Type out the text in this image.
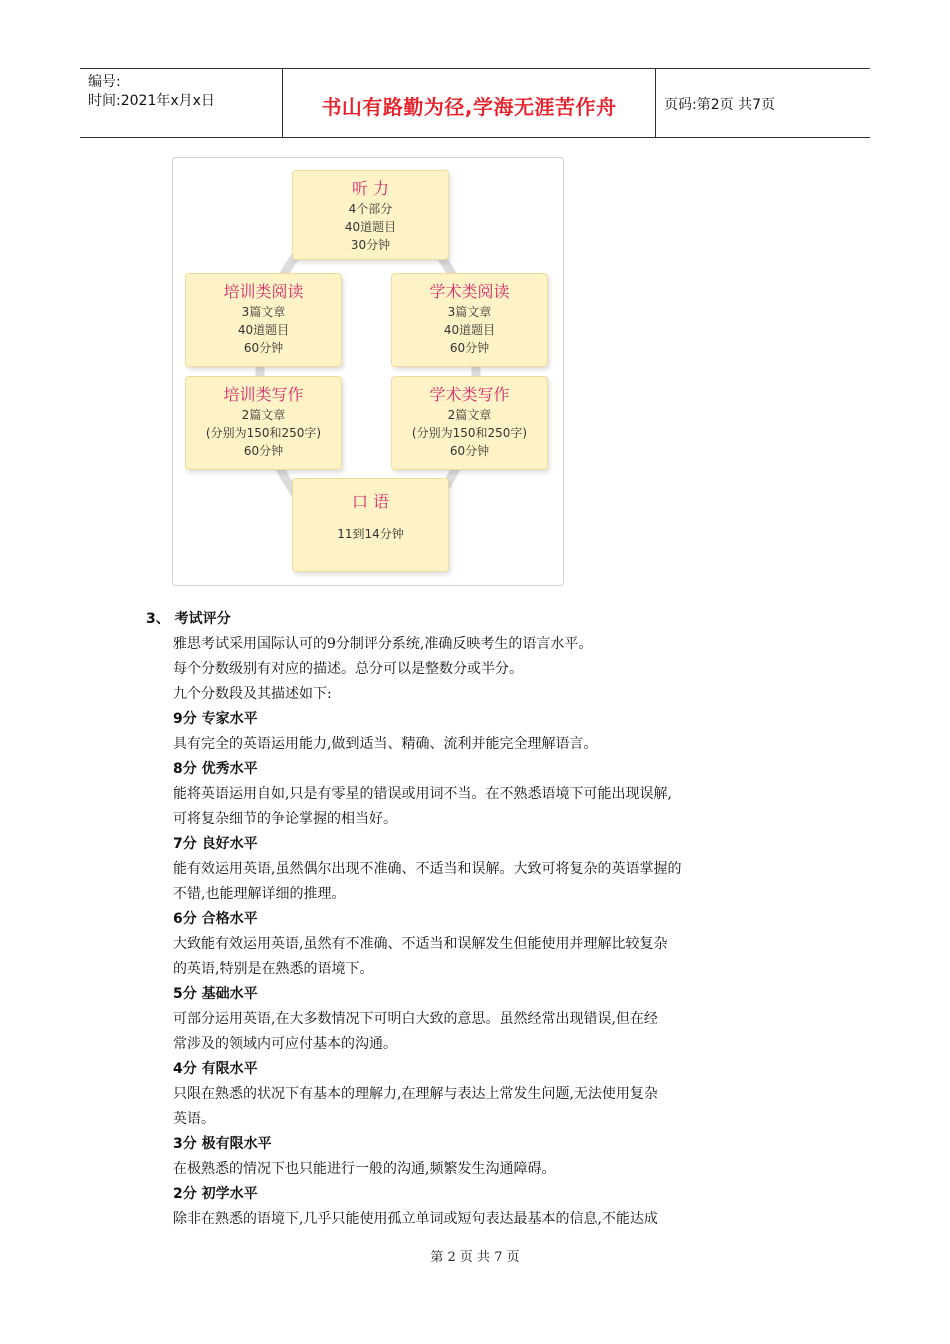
编号:
时间:2021年x月x日	书山有路勤为径,学海无涯苦作舟	页码:第2页 共7页
听 力
4个部分
40道题目
30分钟
培训类阅读
3篇文章
40道题目
60分钟
学术类阅读
3篇文章
40道题目
60分钟
培训类写作
2篇文章
(分别为150和250字)
60分钟
学术类写作
2篇文章
(分别为150和250字)
60分钟
口 语
11到14分钟
3、 考试评分
雅思考试采用国际认可的9分制评分系统,准确反映考生的语言水平。
每个分数级别有对应的描述。总分可以是整数分或半分。
九个分数段及其描述如下:
9分 专家水平
具有完全的英语运用能力,做到适当、精确、流利并能完全理解语言。
8分 优秀水平
能将英语运用自如,只是有零星的错误或用词不当。在不熟悉语境下可能出现误解,
可将复杂细节的争论掌握的相当好。
7分 良好水平
能有效运用英语,虽然偶尔出现不准确、不适当和误解。大致可将复杂的英语掌握的
不错,也能理解详细的推理。
6分 合格水平
大致能有效运用英语,虽然有不准确、不适当和误解发生但能使用并理解比较复杂
的英语,特别是在熟悉的语境下。
5分 基础水平
可部分运用英语,在大多数情况下可明白大致的意思。虽然经常出现错误,但在经
常涉及的领域内可应付基本的沟通。
4分 有限水平
只限在熟悉的状况下有基本的理解力,在理解与表达上常发生问题,无法使用复杂
英语。
3分 极有限水平
在极熟悉的情况下也只能进行一般的沟通,频繁发生沟通障碍。
2分 初学水平
除非在熟悉的语境下,几乎只能使用孤立单词或短句表达最基本的信息,不能达成
第 2 页 共 7 页
